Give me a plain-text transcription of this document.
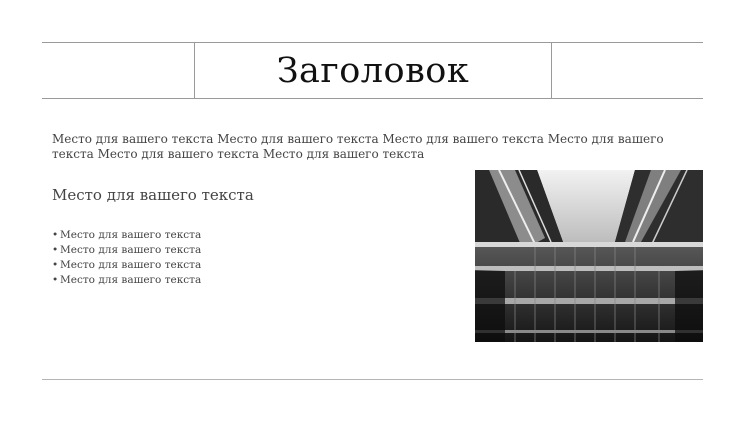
Заголовок
Место для вашего текста Место для вашего текста Место для вашего текста Место для вашего текста Место для вашего текста Место для вашего текста
Место для вашего текста
• Место для вашего текста
• Место для вашего текста
• Место для вашего текста
• Место для вашего текста
